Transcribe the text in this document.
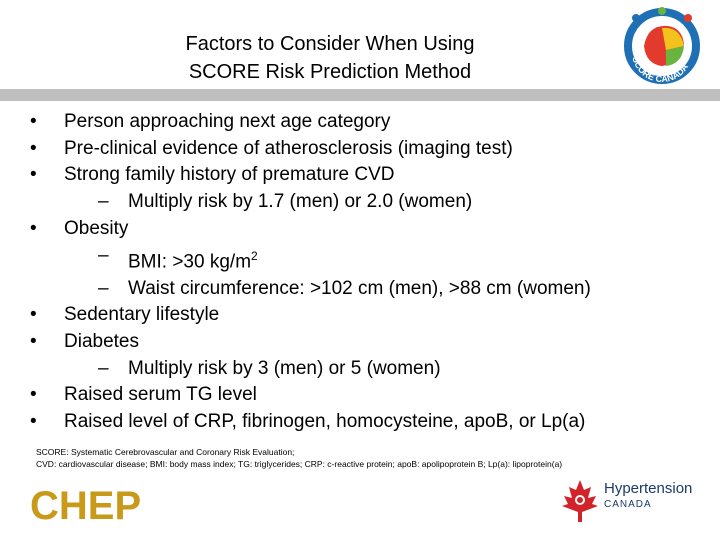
Factors to Consider When Using
SCORE Risk Prediction Method
SCORE CANADA
•	Person approaching next age category
•	Pre-clinical evidence of atherosclerosis (imaging test)
•	Strong family history of premature CVD
– Multiply risk by 1.7 (men) or 2.0 (women)
•	Obesity
– BMI: >30 $kg/m^2$
– Waist circumference: >102 cm (men), >88 cm (women)
•	Sedentary lifestyle
•	Diabetes
– Multiply risk by 3 (men) or 5 (women)
•	Raised serum TG level
•	Raised level of CRP, fibrinogen, homocysteine, apoB, or Lp(a)
SCORE: Systematic Cerebrovascular and Coronary Risk Evaluation;
CVD: cardiovascular disease; BMI: body mass index; TG: triglycerides; CRP: c-reactive protein; apoB: apolipoprotein B; Lp(a): lipoprotein(a)
CHEP	Hypertension
CANADA
